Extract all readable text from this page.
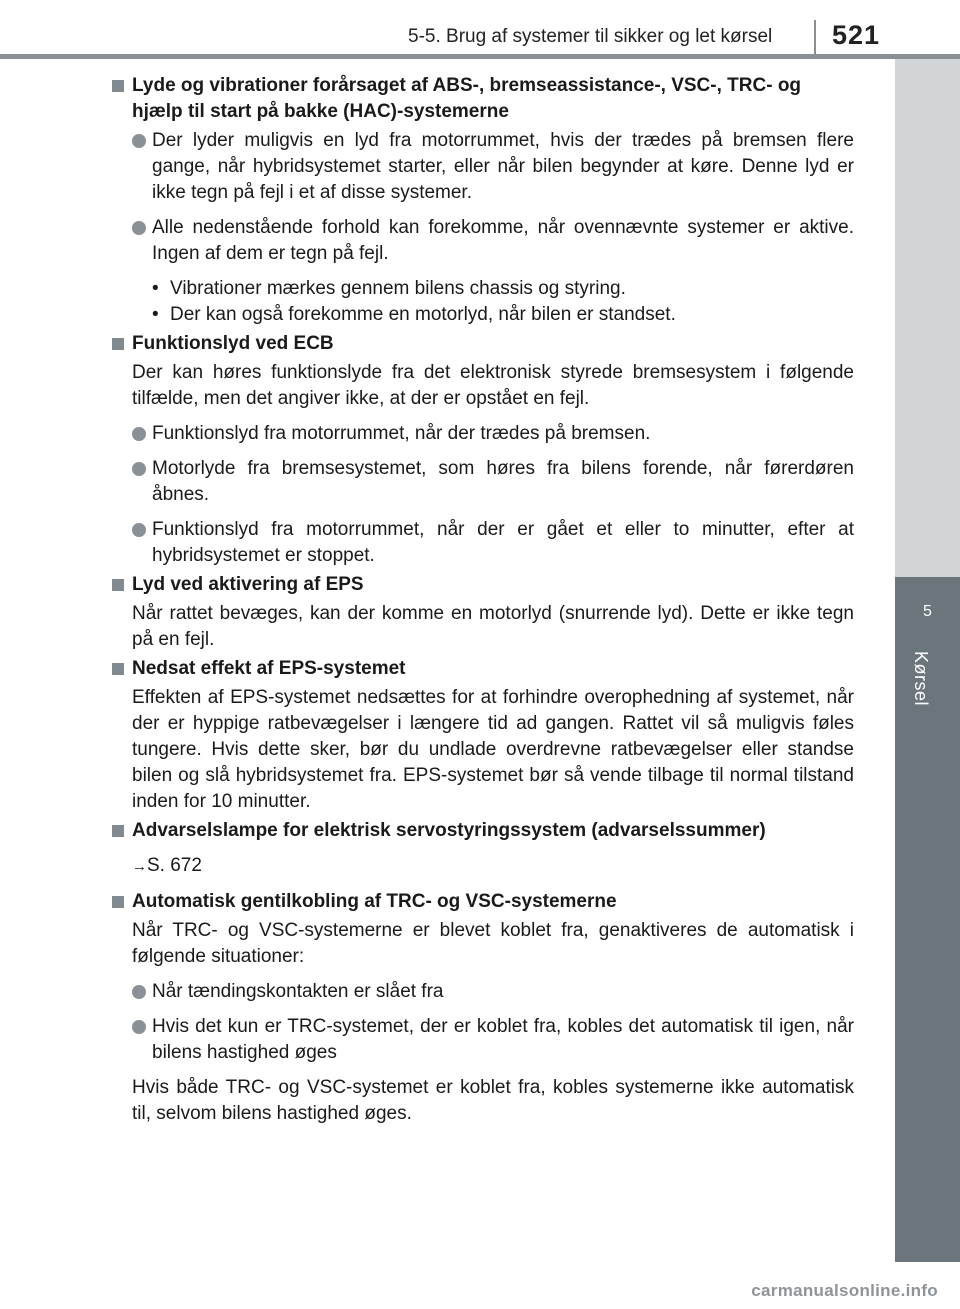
5-5. Brug af systemer til sikker og let kørsel 521
5
Kørsel
Lyde og vibrationer forårsaget af ABS-, bremseassistance-, VSC-, TRC- og hjælp til start på bakke (HAC)-systemerne
Der lyder muligvis en lyd fra motorrummet, hvis der trædes på bremsen flere gange, når hybridsystemet starter, eller når bilen begynder at køre. Denne lyd er ikke tegn på fejl i et af disse systemer.
Alle nedenstående forhold kan forekomme, når ovennævnte systemer er aktive. Ingen af dem er tegn på fejl.
• Vibrationer mærkes gennem bilens chassis og styring.
• Der kan også forekomme en motorlyd, når bilen er standset.
Funktionslyd ved ECB
Der kan høres funktionslyde fra det elektronisk styrede bremsesystem i følgende tilfælde, men det angiver ikke, at der er opstået en fejl.
Funktionslyd fra motorrummet, når der trædes på bremsen.
Motorlyde fra bremsesystemet, som høres fra bilens forende, når førerdøren åbnes.
Funktionslyd fra motorrummet, når der er gået et eller to minutter, efter at hybridsystemet er stoppet.
Lyd ved aktivering af EPS
Når rattet bevæges, kan der komme en motorlyd (snurrende lyd). Dette er ikke tegn på en fejl.
Nedsat effekt af EPS-systemet
Effekten af EPS-systemet nedsættes for at forhindre overophedning af systemet, når der er hyppige ratbevægelser i længere tid ad gangen. Rattet vil så muligvis føles tungere. Hvis dette sker, bør du undlade overdrevne ratbevægelser eller standse bilen og slå hybridsystemet fra. EPS-systemet bør så vende tilbage til normal tilstand inden for 10 minutter.
Advarselslampe for elektrisk servostyringssystem (advarselssummer)
→S. 672
Automatisk gentilkobling af TRC- og VSC-systemerne
Når TRC- og VSC-systemerne er blevet koblet fra, genaktiveres de automatisk i følgende situationer:
Når tændingskontakten er slået fra
Hvis det kun er TRC-systemet, der er koblet fra, kobles det automatisk til igen, når bilens hastighed øges
Hvis både TRC- og VSC-systemet er koblet fra, kobles systemerne ikke automatisk til, selvom bilens hastighed øges.
carmanualsonline.info
